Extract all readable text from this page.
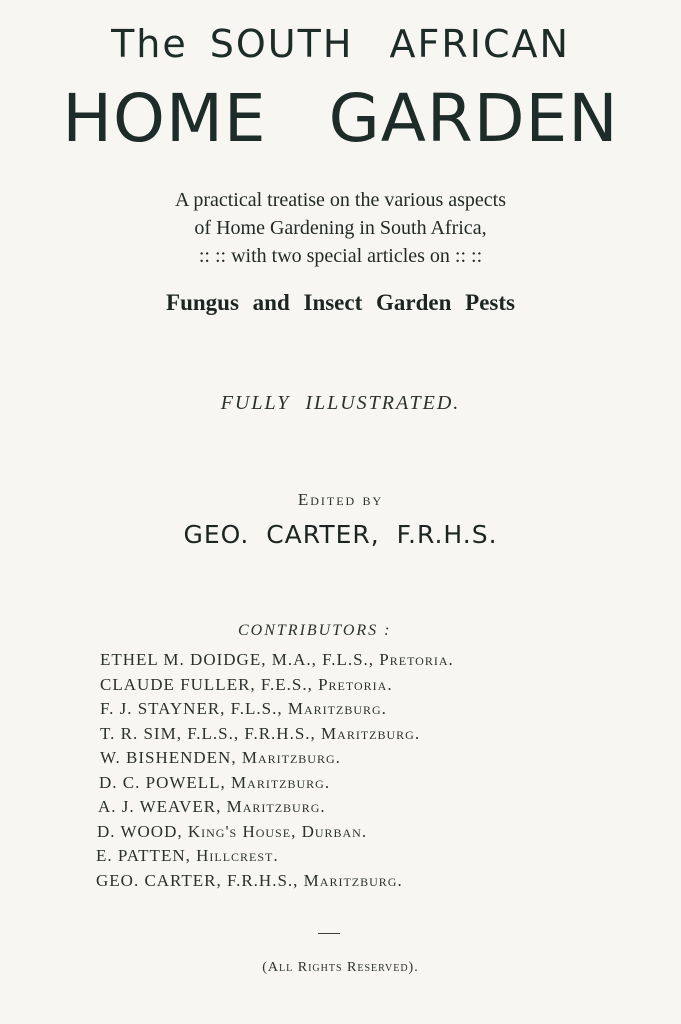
The SOUTH AFRICAN
HOME GARDEN
A practical treatise on the various aspects
of Home Gardening in South Africa,
:: :: with two special articles on :: ::
Fungus and Insect Garden Pests
FULLY ILLUSTRATED.
Edited by
GEO. CARTER, F.R.H.S.
CONTRIBUTORS :
ETHEL M. DOIDGE, M.A., F.L.S., Pretoria.
CLAUDE FULLER, F.E.S., Pretoria.
F. J. STAYNER, F.L.S., Maritzburg.
T. R. SIM, F.L.S., F.R.H.S., Maritzburg.
W. BISHENDEN, Maritzburg.
D. C. POWELL, Maritzburg.
A. J. WEAVER, Maritzburg.
D. WOOD, King's House, Durban.
E. PATTEN, Hillcrest.
GEO. CARTER, F.R.H.S., Maritzburg.
(All Rights Reserved).
